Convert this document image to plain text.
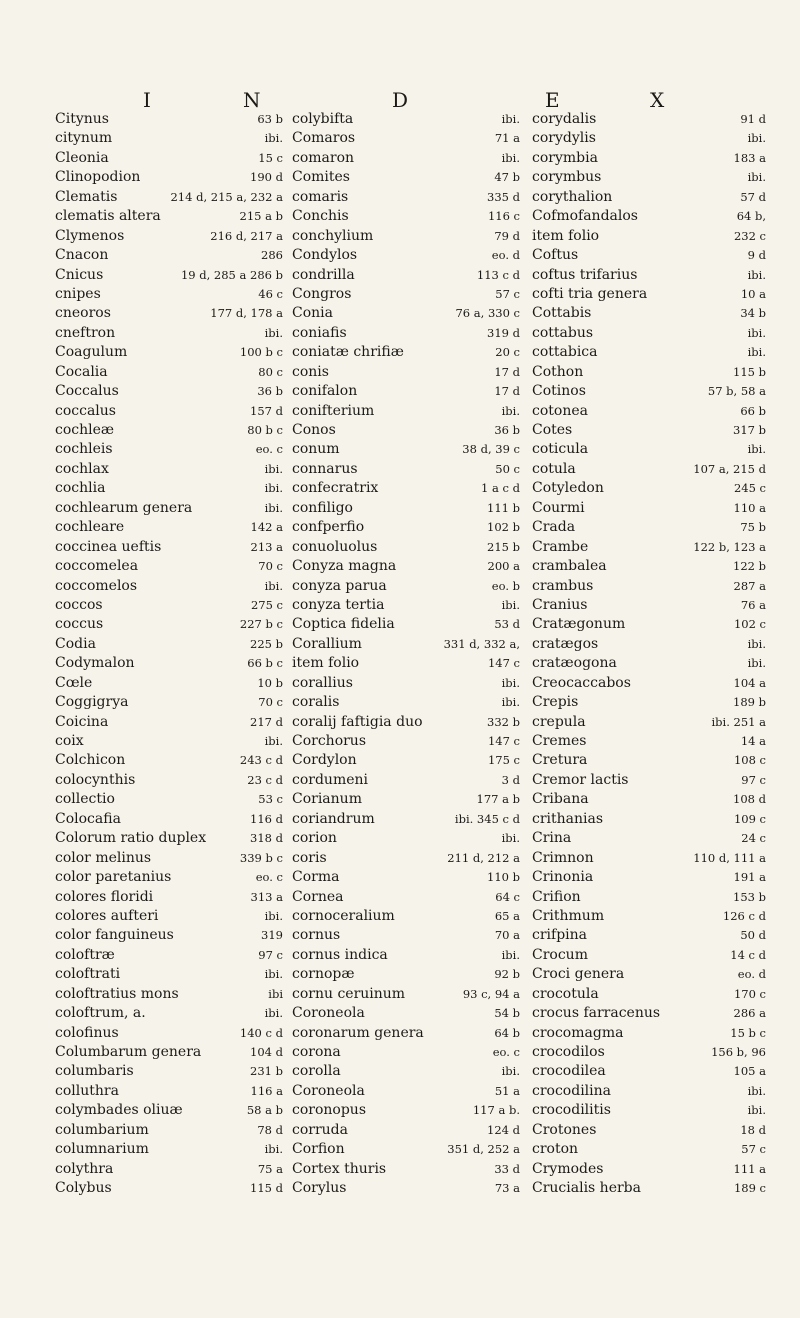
I	N	D	E	X
Citynus	63 b
citynum	ibi.
Cleonia	15 c
Clinopodion	190 d
Clematis	214 d, 215 a, 232 a
clematis altera	215 a b
Clymenos	216 d, 217 a
Cnacon	286
Cnicus	19 d, 285 a 286 b
cnipes	46 c
cneoros	177 d, 178 a
cneftron	ibi.
Coagulum	100 b c
Cocalia	80 c
Coccalus	36 b
coccalus	157 d
cochleæ	80 b c
cochleis	eo. c
cochlax	ibi.
cochlia	ibi.
cochlearum genera	ibi.
cochleare	142 a
coccinea ueftis	213 a
coccomelea	70 c
coccomelos	ibi.
coccos	275 c
coccus	227 b c
Codia	225 b
Codymalon	66 b c
Cœle	10 b
Coggigrya	70 c
Coicina	217 d
coix	ibi.
Colchicon	243 c d
colocynthis	23 c d
collectio	53 c
Colocafia	116 d
Colorum ratio duplex	318 d
color melinus	339 b c
color paretanius	eo. c
colores floridi	313 a
colores aufteri	ibi.
color fanguineus	319
coloftræ	97 c
coloftrati	ibi.
coloftratius mons	ibi
coloftrum, a.	ibi.
colofinus	140 c d
Columbarum genera	104 d
columbaris	231 b
colluthra	116 a
colymbades oliuæ	58 a b
columbarium	78 d
columnarium	ibi.
colythra	75 a
Colybus	115 d
colybifta	ibi.
Comaros	71 a
comaron	ibi.
Comites	47 b
comaris	335 d
Conchis	116 c
conchylium	79 d
Condylos	eo. d
condrilla	113 c d
Congros	57 c
Conia	76 a, 330 c
coniafis	319 d
coniatæ chrifiæ	20 c
conis	17 d
conifalon	17 d
conifterium	ibi.
Conos	36 b
conum	38 d, 39 c
connarus	50 c
confecratrix	1 a c d
confiligo	111 b
confperfio	102 b
conuoluolus	215 b
Conyza magna	200 a
conyza parua	eo. b
conyza tertia	ibi.
Coptica fidelia	53 d
Corallium	331 d, 332 a,
item folio	147 c
corallius	ibi.
coralis	ibi.
coralij faftigia duo	332 b
Corchorus	147 c
Cordylon	175 c
cordumeni	3 d
Corianum	177 a b
coriandrum	ibi. 345 c d
corion	ibi.
coris	211 d, 212 a
Corma	110 b
Cornea	64 c
cornoceralium	65 a
cornus	70 a
cornus indica	ibi.
cornopæ	92 b
cornu ceruinum	93 c, 94 a
Coroneola	54 b
coronarum genera	64 b
corona	eo. c
corolla	ibi.
Coroneola	51 a
coronopus	117 a b.
corruda	124 d
Corfion	351 d, 252 a
Cortex thuris	33 d
Corylus	73 a
corydalis	91 d
corydylis	ibi.
corymbia	183 a
corymbus	ibi.
corythalion	57 d
Cofmofandalos	64 b,
item folio	232 c
Coftus	9 d
coftus trifarius	ibi.
cofti tria genera	10 a
Cottabis	34 b
cottabus	ibi.
cottabica	ibi.
Cothon	115 b
Cotinos	57 b, 58 a
cotonea	66 b
Cotes	317 b
coticula	ibi.
cotula	107 a, 215 d
Cotyledon	245 c
Courmi	110 a
Crada	75 b
Crambe	122 b, 123 a
crambalea	122 b
crambus	287 a
Cranius	76 a
Cratægonum	102 c
cratægos	ibi.
cratæogona	ibi.
Creocaccabos	104 a
Crepis	189 b
crepula	ibi. 251 a
Cremes	14 a
Cretura	108 c
Cremor lactis	97 c
Cribana	108 d
crithanias	109 c
Crina	24 c
Crimnon	110 d, 111 a
Crinonia	191 a
Crifion	153 b
Crithmum	126 c d
crifpina	50 d
Crocum	14 c d
Croci genera	eo. d
crocotula	170 c
crocus farracenus	286 a
crocomagma	15 b c
crocodilos	156 b, 96
crocodilea	105 a
crocodilina	ibi.
crocodilitis	ibi.
Crotones	18 d
croton	57 c
Crymodes	111 a
Crucialis herba	189 c
